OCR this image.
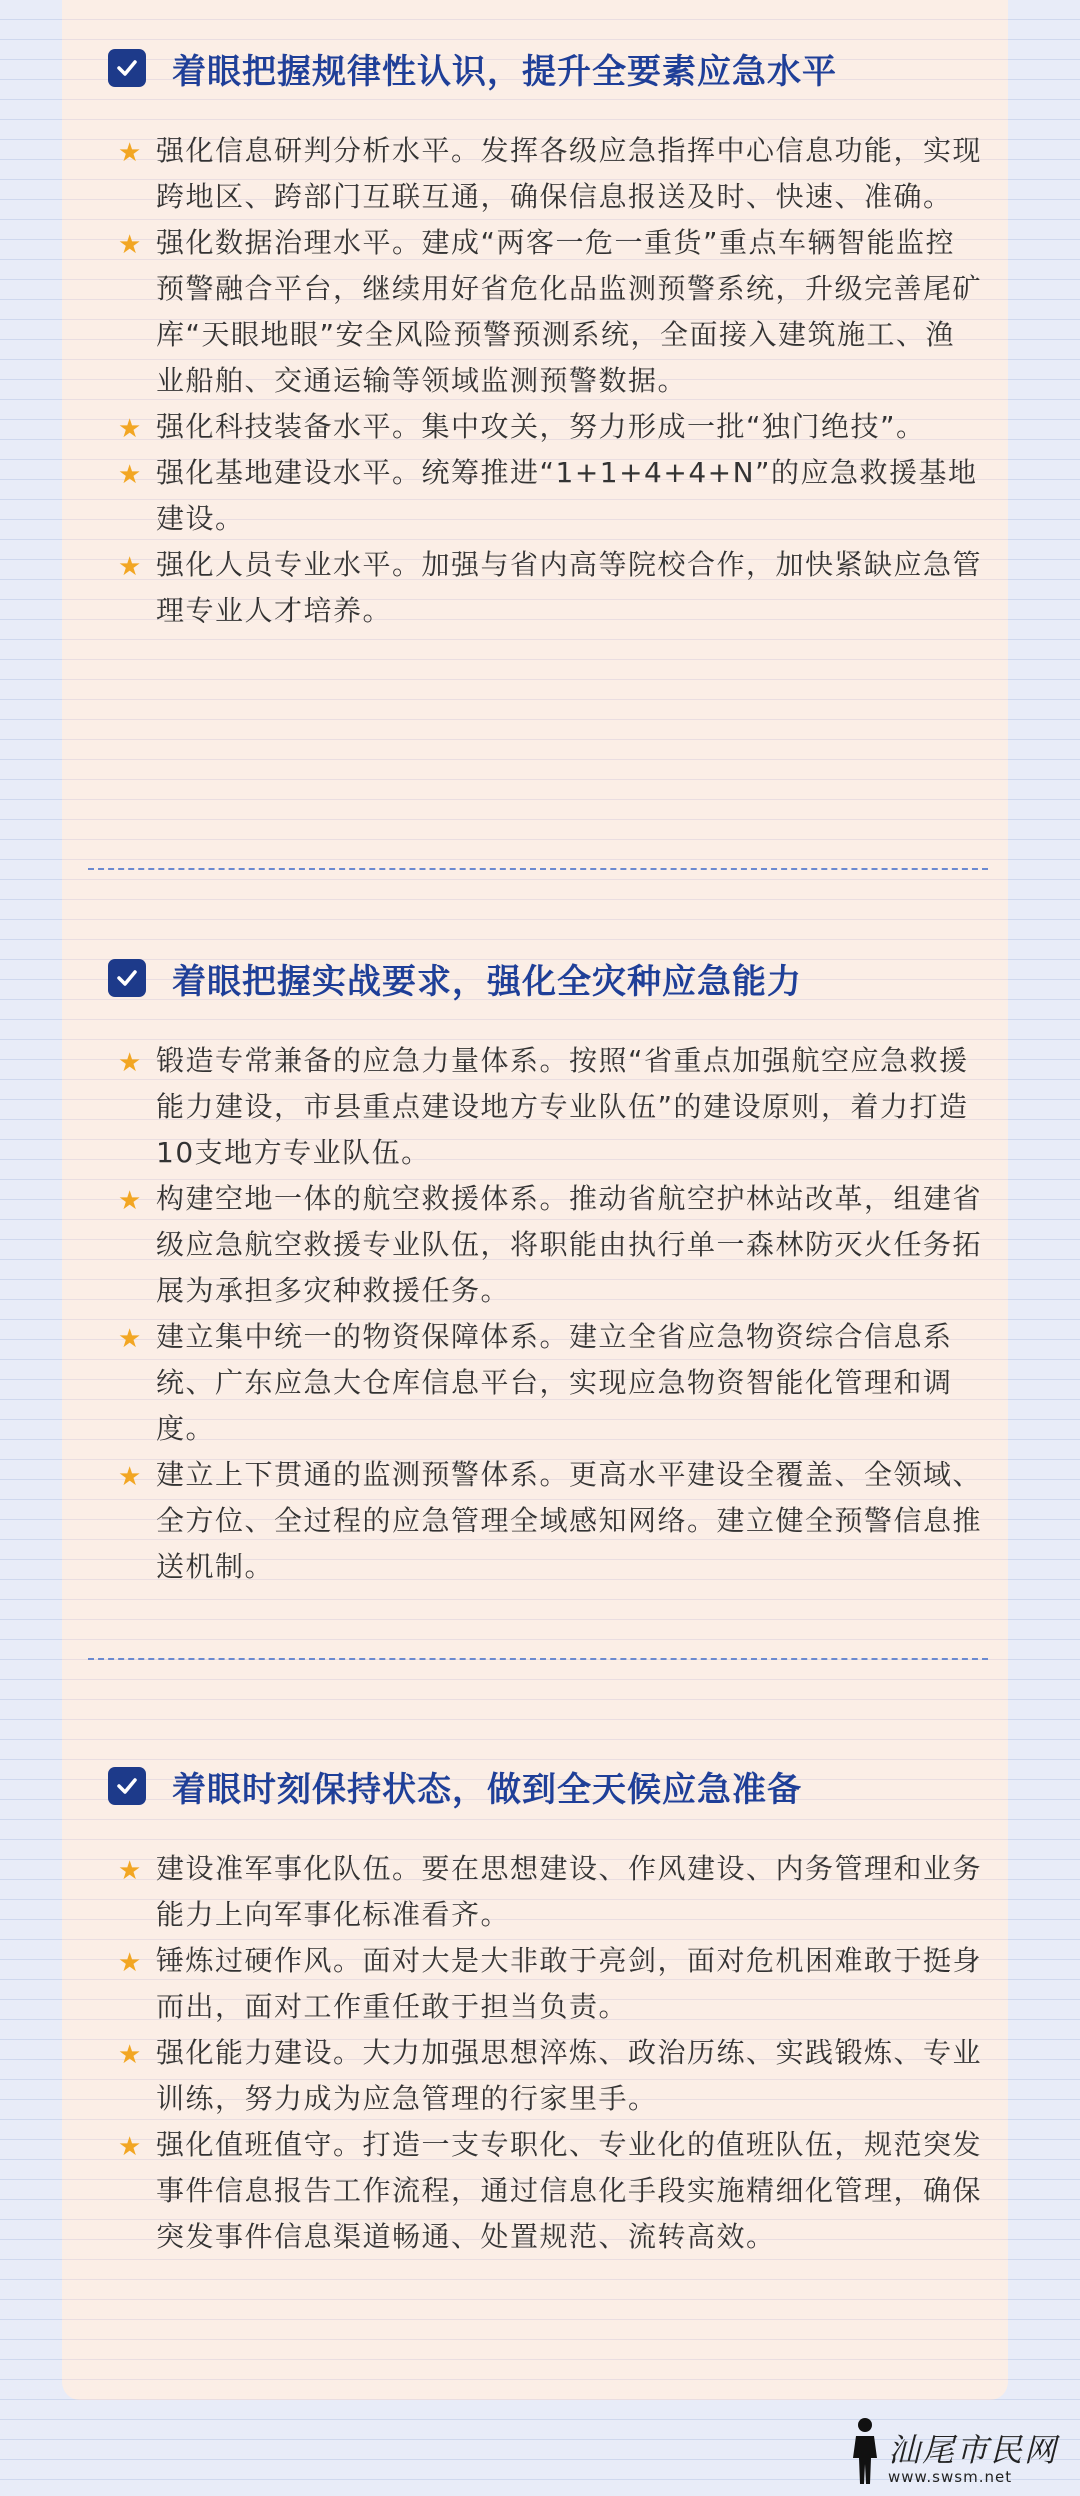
着眼把握规律性认识，提升全要素应急水平
★ 强化信息研判分析水平。发挥各级应急指挥中心信息功能，实现跨地区、跨部门互联互通，确保信息报送及时、快速、准确。
★ 强化数据治理水平。建成“两客一危一重货”重点车辆智能监控预警融合平台，继续用好省危化品监测预警系统，升级完善尾矿库“天眼地眼”安全风险预警预测系统，全面接入建筑施工、渔业船舶、交通运输等领域监测预警数据。
★ 强化科技装备水平。集中攻关，努力形成一批“独门绝技”。
★ 强化基地建设水平。统筹推进“1+1+4+4+N”的应急救援基地建设。
★ 强化人员专业水平。加强与省内高等院校合作，加快紧缺应急管理专业人才培养。
着眼把握实战要求，强化全灾种应急能力
★ 锻造专常兼备的应急力量体系。按照“省重点加强航空应急救援能力建设，市县重点建设地方专业队伍”的建设原则，着力打造10支地方专业队伍。
★ 构建空地一体的航空救援体系。推动省航空护林站改革，组建省级应急航空救援专业队伍，将职能由执行单一森林防灭火任务拓展为承担多灾种救援任务。
★ 建立集中统一的物资保障体系。建立全省应急物资综合信息系统、广东应急大仓库信息平台，实现应急物资智能化管理和调度。
★ 建立上下贯通的监测预警体系。更高水平建设全覆盖、全领域、全方位、全过程的应急管理全域感知网络。建立健全预警信息推送机制。
着眼时刻保持状态，做到全天候应急准备
★ 建设准军事化队伍。要在思想建设、作风建设、内务管理和业务能力上向军事化标准看齐。
★ 锤炼过硬作风。面对大是大非敢于亮剑，面对危机困难敢于挺身而出，面对工作重任敢于担当负责。
★ 强化能力建设。大力加强思想淬炼、政治历练、实践锻炼、专业训练，努力成为应急管理的行家里手。
★ 强化值班值守。打造一支专职化、专业化的值班队伍，规范突发事件信息报告工作流程，通过信息化手段实施精细化管理，确保突发事件信息渠道畅通、处置规范、流转高效。
汕尾市民网
www.swsm.net
